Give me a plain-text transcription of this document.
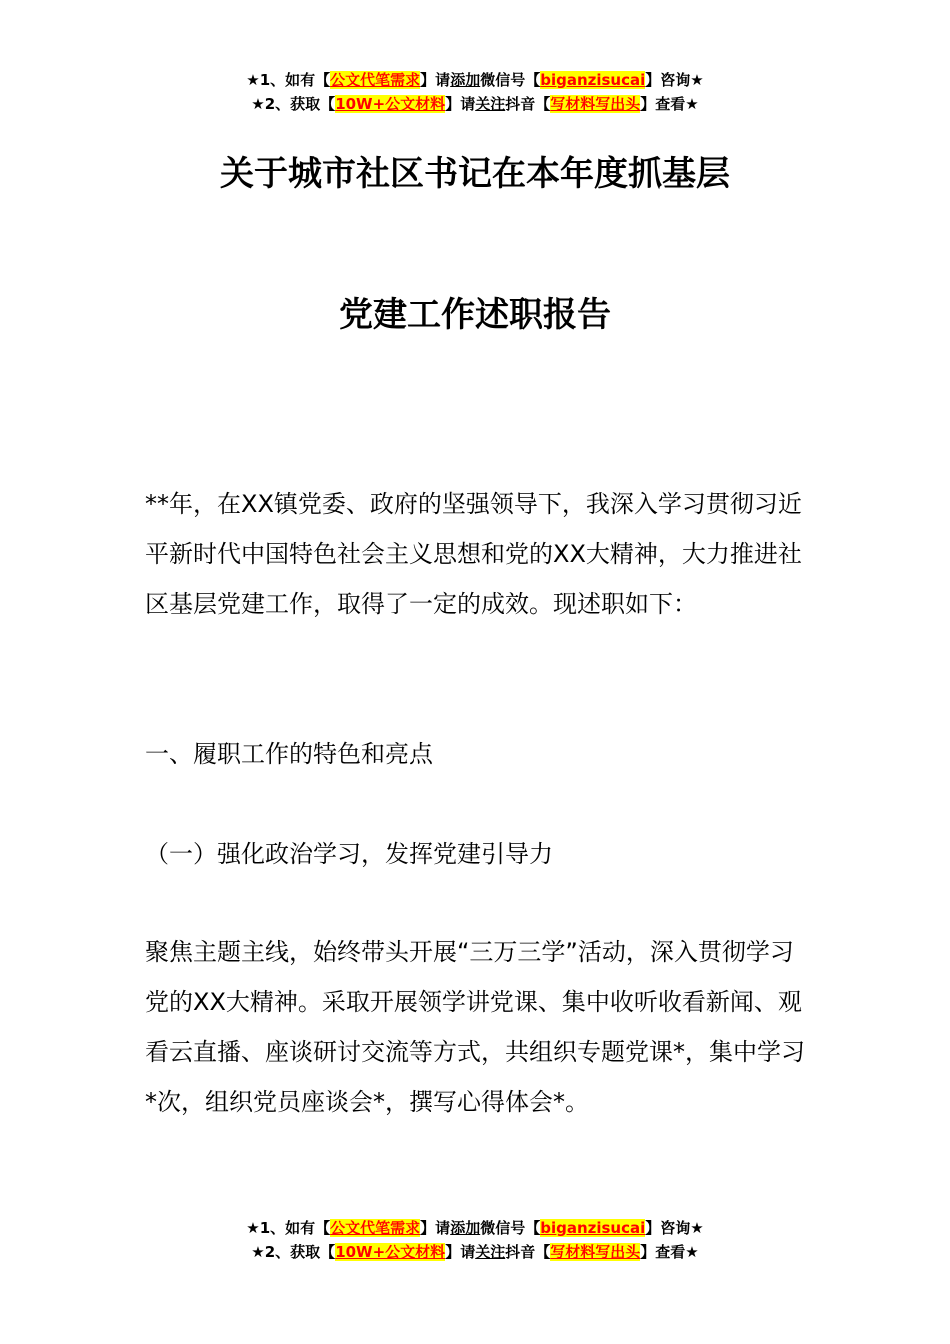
★1、如有【公文代笔需求】请添加微信号【biganzisucai】咨询★
★2、获取【10W+公文材料】请关注抖音【写材料写出头】查看★
关于城市社区书记在本年度抓基层
党建工作述职报告

**年，在XX镇党委、政府的坚强领导下，我深入学习贯彻习近平新时代中国特色社会主义思想和党的XX大精神，大力推进社区基层党建工作，取得了一定的成效。现述职如下：

一、履职工作的特色和亮点

（一）强化政治学习，发挥党建引导力

聚焦主题主线，始终带头开展“三万三学”活动，深入贯彻学习党的XX大精神。采取开展领学讲党课、集中收听收看新闻、观看云直播、座谈研讨交流等方式，共组织专题党课*，集中学习*次，组织党员座谈会*，撰写心得体会*。

★1、如有【公文代笔需求】请添加微信号【biganzisucai】咨询★
★2、获取【10W+公文材料】请关注抖音【写材料写出头】查看★
